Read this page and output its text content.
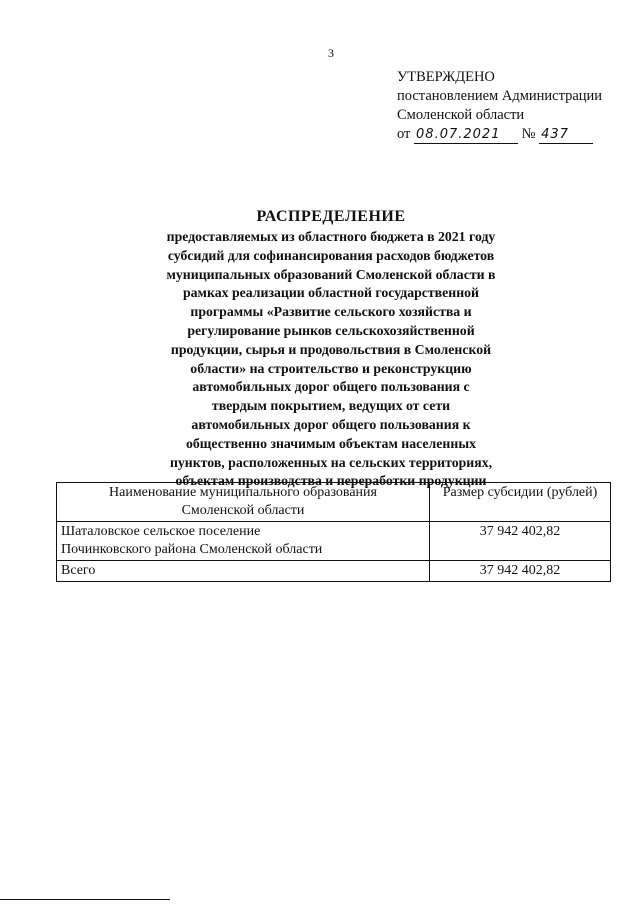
3
УТВЕРЖДЕНО
постановлением Администрации
Смоленской области
от 08.07.2021 № 437
РАСПРЕДЕЛЕНИЕ
предоставляемых из областного бюджета в 2021 году
субсидий для софинансирования расходов бюджетов
муниципальных образований Смоленской области в
рамках реализации областной государственной
программы «Развитие сельского хозяйства и
регулирование рынков сельскохозяйственной
продукции, сырья и продовольствия в Смоленской
области» на строительство и реконструкцию
автомобильных дорог общего пользования с
твердым покрытием, ведущих от сети
автомобильных дорог общего пользования к
общественно значимым объектам населенных
пунктов, расположенных на сельских территориях,
объектам производства и переработки продукции
Наименование муниципального образования
Смоленской области	Размер субсидии (рублей)

Шаталовское сельское поселение
Починковского района Смоленской области	37 942 402,82
Всего	37 942 402,82
